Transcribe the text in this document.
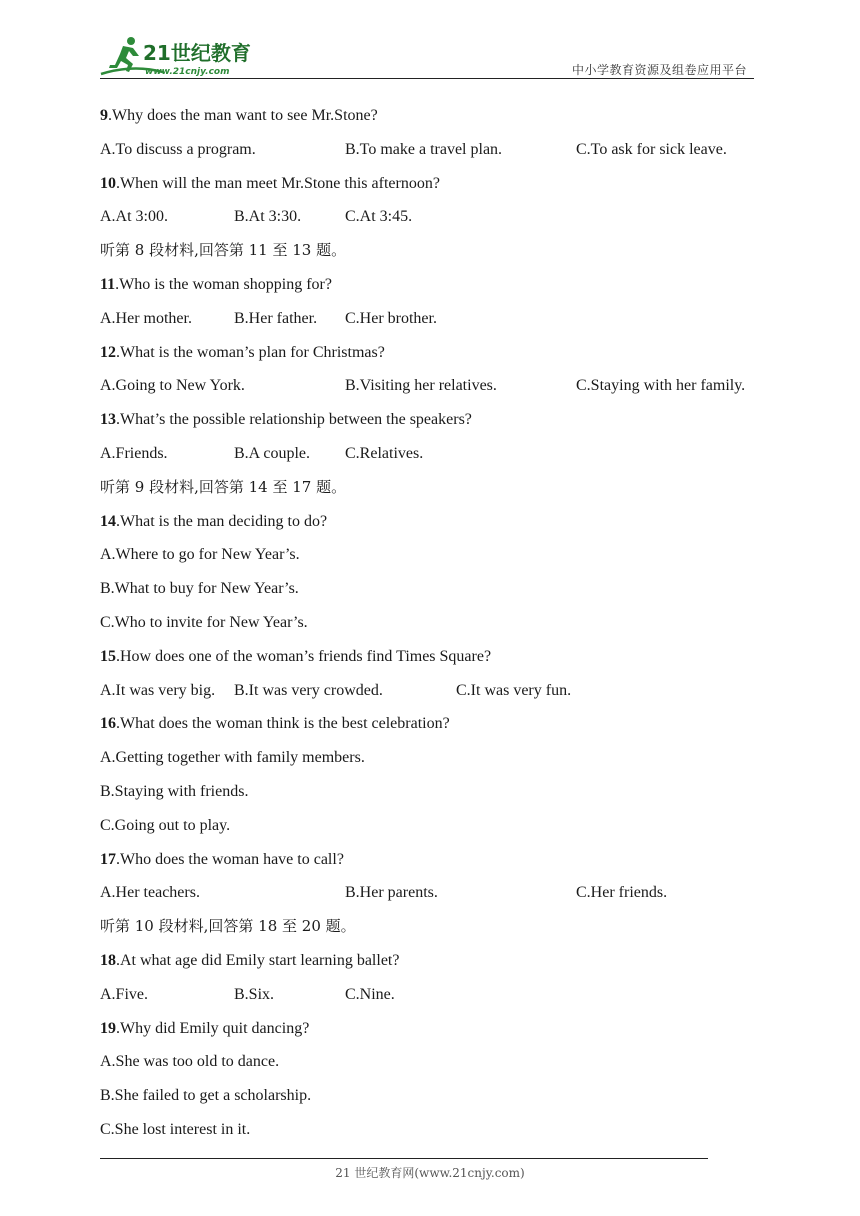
21世纪教育
www.21cnjy.com	中小学教育资源及组卷应用平台
9.Why does the man want to see Mr.Stone?
A.To discuss a program.	B.To make a travel plan.	C.To ask for sick leave.
10.When will the man meet Mr.Stone this afternoon?
A.At 3:00.	B.At 3:30.	C.At 3:45.
听第 8 段材料,回答第 11 至 13 题。
11.Who is the woman shopping for?
A.Her mother.	B.Her father. C.Her brother.
12.What is the woman’s plan for Christmas?
A.Going to New York.	B.Visiting her relatives.	C.Staying with her family.
13.What’s the possible relationship between the speakers?
A.Friends.	B.A couple. C.Relatives.
听第 9 段材料,回答第 14 至 17 题。
14.What is the man deciding to do?
A.Where to go for New Year’s.
B.What to buy for New Year’s.
C.Who to invite for New Year’s.
15.How does one of the woman’s friends find Times Square?
A.It was very big. B.It was very crowded.	C.It was very fun.
16.What does the woman think is the best celebration?
A.Getting together with family members.
B.Staying with friends.
C.Going out to play.
17.Who does the woman have to call?
A.Her teachers.	B.Her parents.	C.Her friends.
听第 10 段材料,回答第 18 至 20 题。
18.At what age did Emily start learning ballet?
A.Five.	B.Six.	C.Nine.
19.Why did Emily quit dancing?
A.She was too old to dance.
B.She failed to get a scholarship.
C.She lost interest in it.
21 世纪教育网(www.21cnjy.com)
